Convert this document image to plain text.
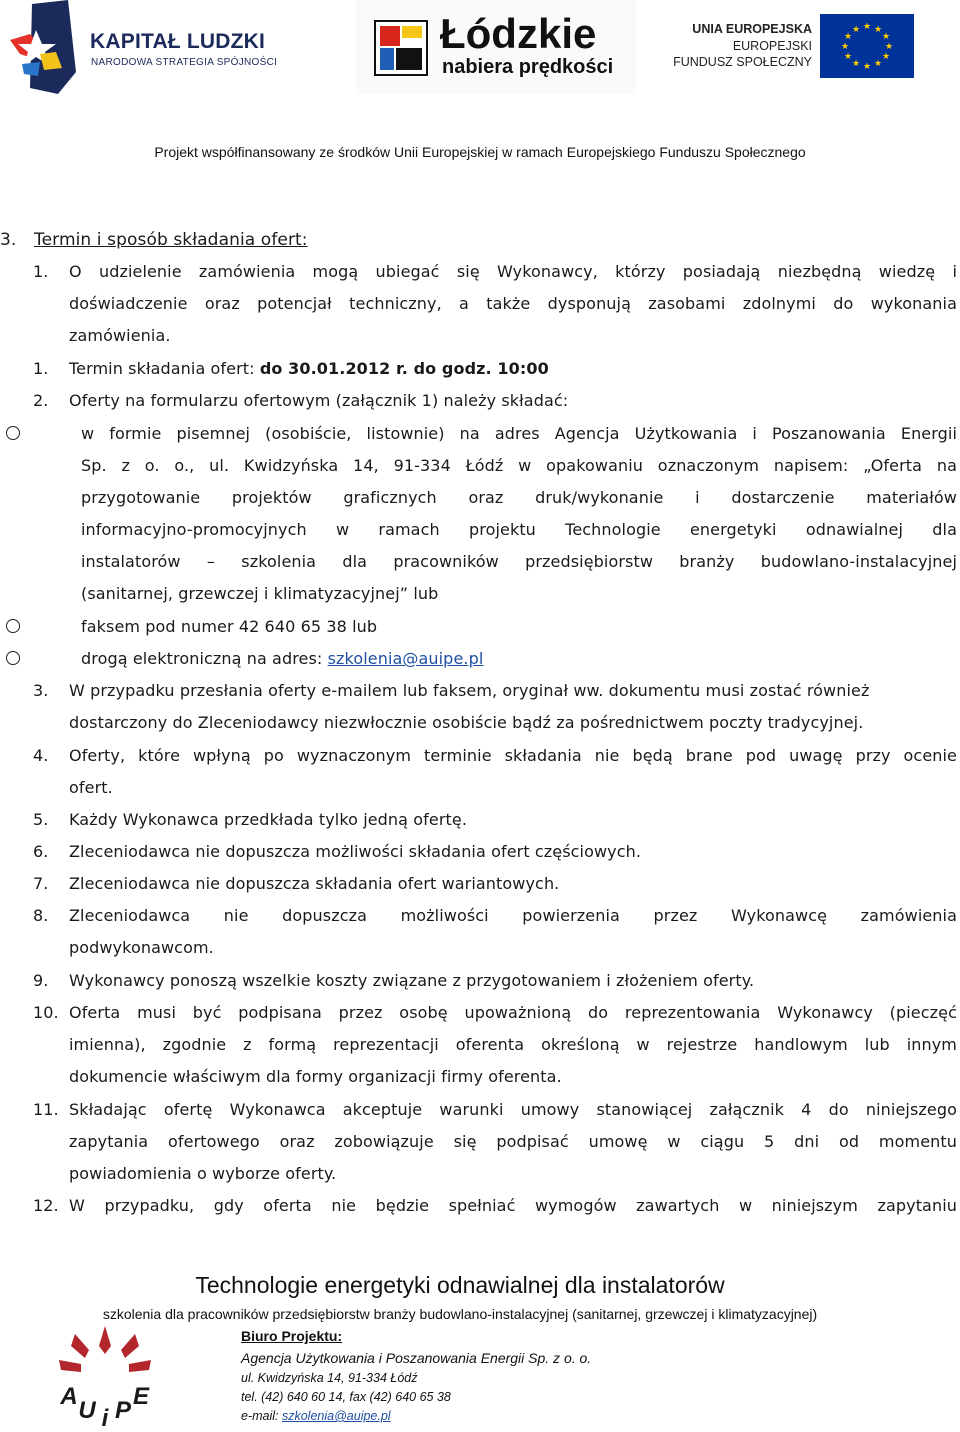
KAPITAŁ LUDZKI
NARODOWA STRATEGIA SPÓJNOŚCI
Łódzkie
nabiera prędkości
UNIA EUROPEJSKA
EUROPEJSKI
FUNDUSZ SPOŁECZNY
★ ★
★
★
★
★
★
★
★
★
★
★
Projekt współfinansowany ze środków Unii Europejskiej w ramach Europejskiego Funduszu Społecznego
3. Termin i sposób składania ofert:
1.	O udzielenie zamówienia mogą ubiegać się Wykonawcy, którzy posiadają niezbędną wiedzę i
doświadczenie oraz potencjał techniczny, a także dysponują zasobami zdolnymi do wykonania
zamówienia.
1.	Termin składania ofert: do 30.01.2012 r. do godz. 10:00
2.	Oferty na formularzu ofertowym (załącznik 1) należy składać:
w formie pisemnej (osobiście, listownie) na adres Agencja Użytkowania i Poszanowania Energii
Sp. z o. o., ul. Kwidzyńska 14, 91-334 Łódź w opakowaniu oznaczonym napisem: „Oferta na
przygotowanie projektów graficznych oraz druk/wykonanie i dostarczenie materiałów
informacyjno-promocyjnych w ramach projektu Technologie energetyki odnawialnej dla
instalatorów – szkolenia dla pracowników przedsiębiorstw branży budowlano-instalacyjnej
(sanitarnej, grzewczej i klimatyzacyjnej” lub
faksem pod numer 42 640 65 38 lub
drogą elektroniczną na adres: szkolenia@auipe.pl
3.	W przypadku przesłania oferty e-mailem lub faksem, oryginał ww. dokumentu musi zostać również
dostarczony do Zleceniodawcy niezwłocznie osobiście bądź za pośrednictwem poczty tradycyjnej.
4.	Oferty, które wpłyną po wyznaczonym terminie składania nie będą brane pod uwagę przy ocenie
ofert.
5.	Każdy Wykonawca przedkłada tylko jedną ofertę.
6.	Zleceniodawca nie dopuszcza możliwości składania ofert częściowych.
7.	Zleceniodawca nie dopuszcza składania ofert wariantowych.
8.	Zleceniodawca nie dopuszcza możliwości powierzenia przez Wykonawcę zamówienia
podwykonawcom.
9.	Wykonawcy ponoszą wszelkie koszty związane z przygotowaniem i złożeniem oferty.
10. Oferta musi być podpisana przez osobę upoważnioną do reprezentowania Wykonawcy (pieczęć
imienna), zgodnie z formą reprezentacji oferenta określoną w rejestrze handlowym lub innym
dokumencie właściwym dla formy organizacji firmy oferenta.
11. Składając ofertę Wykonawca akceptuje warunki umowy stanowiącej załącznik 4 do niniejszego
zapytania ofertowego oraz zobowiązuje się podpisać umowę w ciągu 5 dni od momentu
powiadomienia o wyborze oferty.
12. W przypadku, gdy oferta nie będzie spełniać wymogów zawartych w niniejszym zapytaniu
Technologie energetyki odnawialnej dla instalatorów
szkolenia dla pracowników przedsiębiorstw branży budowlano-instalacyjnej (sanitarnej, grzewczej i klimatyzacyjnej)
A
U i P
E
Biuro Projektu:
Agencja Użytkowania i Poszanowania Energii Sp. z o. o.
ul. Kwidzyńska 14, 91-334 Łódź
tel. (42) 640 60 14, fax (42) 640 65 38
e-mail: szkolenia@auipe.pl
